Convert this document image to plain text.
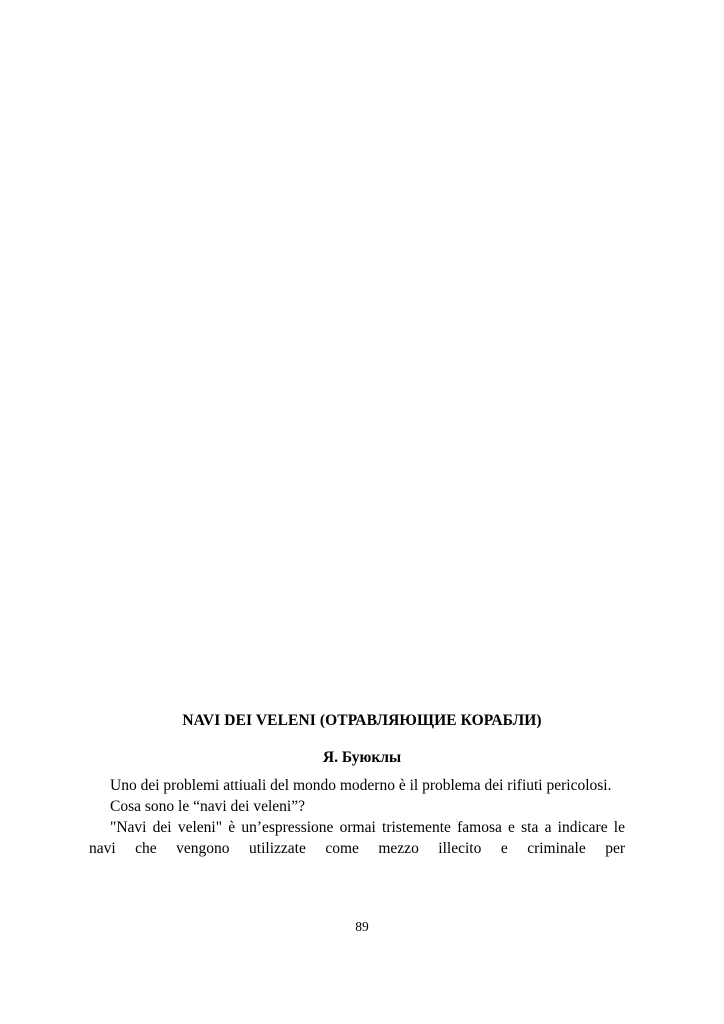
NAVI DEI VELENI (ОТРАВЛЯЮЩИЕ КОРАБЛИ)
Я. Буюклы

Uno dei problemi attiuali del mondo moderno è il problema dei rifiuti pericolosi.

Cosa sono le “navi dei veleni”?

"Navi dei veleni" è un’espressione ormai tristemente famosa e sta a indicare le navi che vengono utilizzate come mezzo illecito e criminale per

89
